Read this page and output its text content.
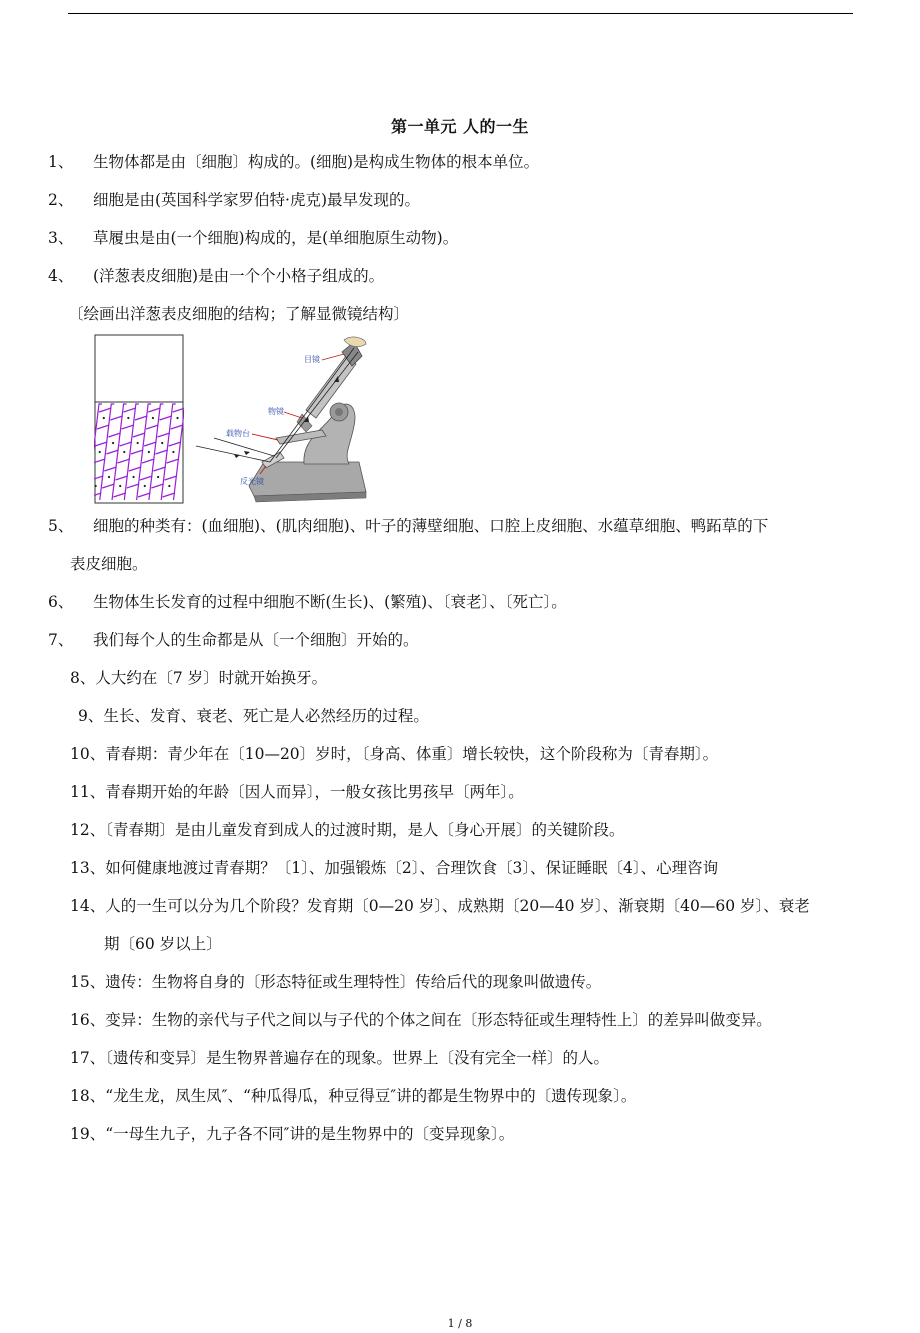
第一单元 人的一生
1、 生物体都是由〔细胞〕构成的。(细胞)是构成生物体的根本单位。
2、 细胞是由(英国科学家罗伯特·虎克)最早发现的。
3、 草履虫是由(一个细胞)构成的，是(单细胞原生动物)。
4、 (洋葱表皮细胞)是由一个个小格子组成的。
〔绘画出洋葱表皮细胞的结构；了解显微镜结构〕
目镜
物镜
载物台
反光镜
5、 细胞的种类有：(血细胞)、(肌肉细胞)、叶子的薄壁细胞、口腔上皮细胞、水蕴草细胞、鸭跖草的下
表皮细胞。
6、 生物体生长发育的过程中细胞不断(生长)、(繁殖)、〔衰老〕、〔死亡〕。
7、 我们每个人的生命都是从〔一个细胞〕开始的。
8、人大约在〔7 岁〕时就开始换牙。
9、生长、发育、衰老、死亡是人必然经历的过程。
10、青春期：青少年在〔10—20〕岁时，〔身高、体重〕增长较快，这个阶段称为〔青春期〕。
11、青春期开始的年龄〔因人而异〕，一般女孩比男孩早〔两年〕。
12、〔青春期〕是由儿童发育到成人的过渡时期，是人〔身心开展〕的关键阶段。
13、如何健康地渡过青春期？〔1〕、加强锻炼〔2〕、合理饮食〔3〕、保证睡眠〔4〕、心理咨询
14、人的一生可以分为几个阶段？发育期〔0—20 岁〕、成熟期〔20—40 岁〕、渐衰期〔40—60 岁〕、衰老
期〔60 岁以上〕
15、遗传：生物将自身的〔形态特征或生理特性〕传给后代的现象叫做遗传。
16、变异：生物的亲代与子代之间以与子代的个体之间在〔形态特征或生理特性上〕的差异叫做变异。
17、〔遗传和变异〕是生物界普遍存在的现象。世界上〔没有完全一样〕的人。
18、“龙生龙，凤生凤″、“种瓜得瓜，种豆得豆″讲的都是生物界中的〔遗传现象〕。
19、“一母生九子，九子各不同″讲的是生物界中的〔变异现象〕。
1 / 8
